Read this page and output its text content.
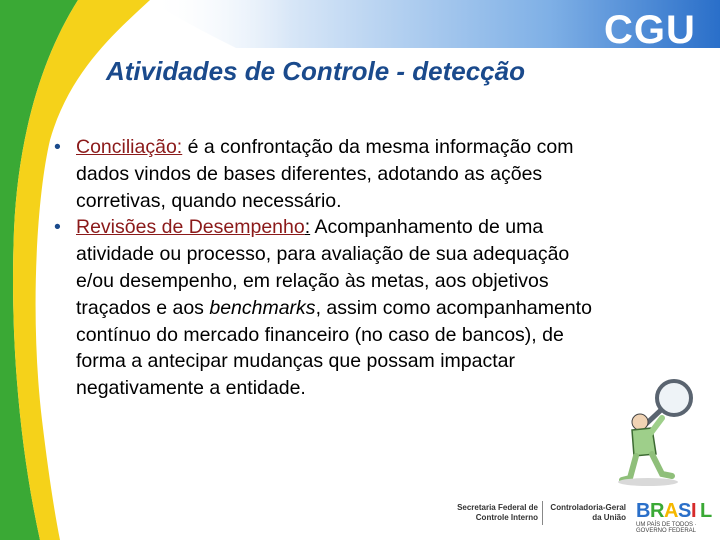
CGU
Atividades de Controle - detecção
• Conciliação: é a confrontação da mesma informação com
dados vindos de bases diferentes, adotando as ações
corretivas, quando necessário.
• Revisões de Desempenho: Acompanhamento de uma
atividade ou processo, para avaliação de sua adequação
e/ou desempenho, em relação às metas, aos objetivos
traçados e aos benchmarks, assim como acompanhamento
contínuo do mercado financeiro (no caso de bancos), de
forma a antecipar mudanças que possam impactar
negativamente a entidade.
Secretaria Federal de
Controle Interno
Controladoria-Geral
da União B R A S I L
UM PAÍS DE TODOS · GOVERNO FEDERAL
